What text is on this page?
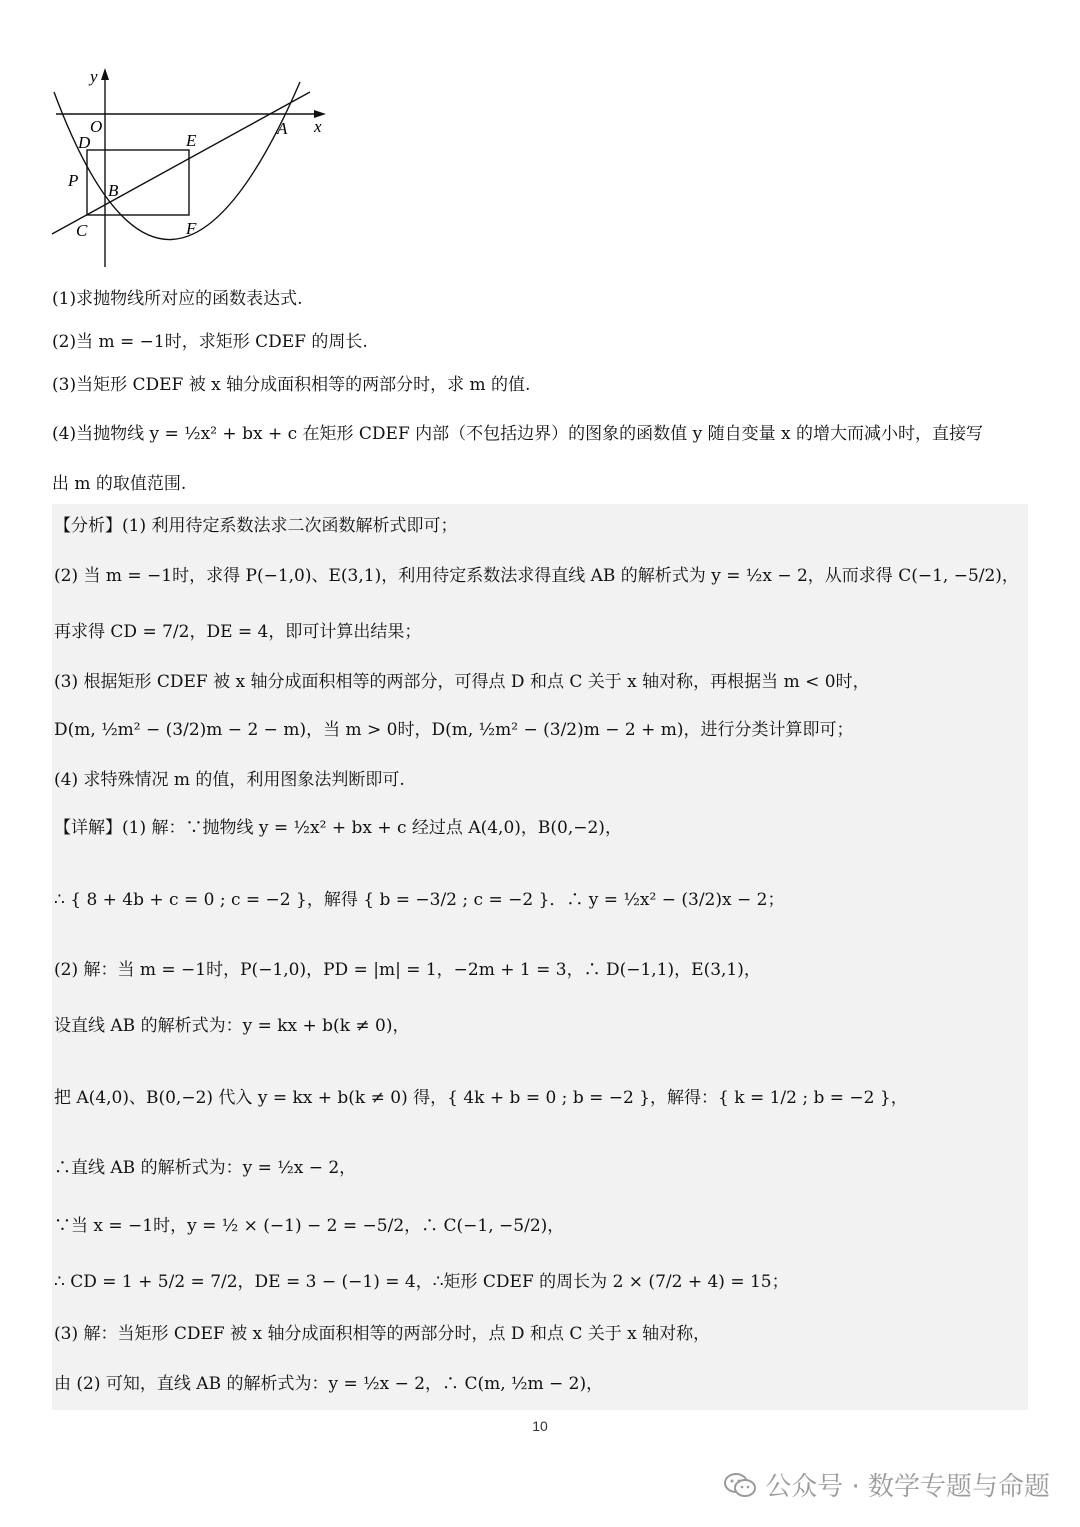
y
x
O
D	E
A
P
B
C	F
(1)求抛物线所对应的函数表达式.
(2)当 m = −1时，求矩形 CDEF 的周长.
(3)当矩形 CDEF 被 x 轴分成面积相等的两部分时，求 m 的值.
(4)当抛物线 y = ½x² + bx + c 在矩形 CDEF 内部（不包括边界）的图象的函数值 y 随自变量 x 的增大而减小时，直接写
出 m 的取值范围.
【分析】(1) 利用待定系数法求二次函数解析式即可；
(2) 当 m = −1时，求得 P(−1,0)、E(3,1)，利用待定系数法求得直线 AB 的解析式为 y = ½x − 2，从而求得 C(−1, −5/2)，
再求得 CD = 7/2，DE = 4，即可计算出结果；
(3) 根据矩形 CDEF 被 x 轴分成面积相等的两部分，可得点 D 和点 C 关于 x 轴对称，再根据当 m < 0时，
D(m, ½m² − (3/2)m − 2 − m)，当 m > 0时，D(m, ½m² − (3/2)m − 2 + m)，进行分类计算即可；
(4) 求特殊情况 m 的值，利用图象法判断即可.
【详解】(1) 解：∵抛物线 y = ½x² + bx + c 经过点 A(4,0)，B(0,−2)，
∴ { 8 + 4b + c = 0 ; c = −2 }，解得 { b = −3/2 ; c = −2 }．∴ y = ½x² − (3/2)x − 2；
(2) 解：当 m = −1时，P(−1,0)，PD = |m| = 1，−2m + 1 = 3，∴ D(−1,1)，E(3,1)，
设直线 AB 的解析式为：y = kx + b(k ≠ 0)，
把 A(4,0)、B(0,−2) 代入 y = kx + b(k ≠ 0) 得，{ 4k + b = 0 ; b = −2 }，解得：{ k = 1/2 ; b = −2 }，
∴直线 AB 的解析式为：y = ½x − 2，
∵当 x = −1时，y = ½ × (−1) − 2 = −5/2，∴ C(−1, −5/2)，
∴ CD = 1 + 5/2 = 7/2，DE = 3 − (−1) = 4，∴矩形 CDEF 的周长为 2 × (7/2 + 4) = 15；
(3) 解：当矩形 CDEF 被 x 轴分成面积相等的两部分时，点 D 和点 C 关于 x 轴对称，
由 (2) 可知，直线 AB 的解析式为：y = ½x − 2，∴ C(m, ½m − 2)，
10
公众号 · 数学专题与命题
